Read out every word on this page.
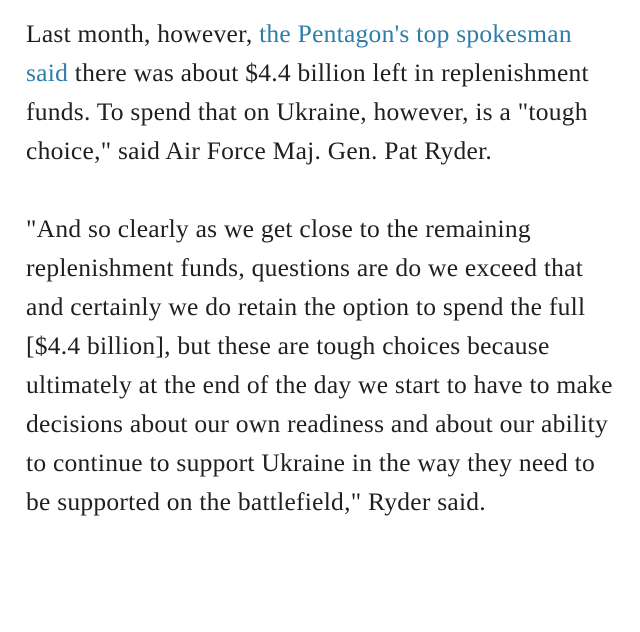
Last month, however, the Pentagon's top spokesman said there was about $4.4 billion left in replenishment funds. To spend that on Ukraine, however, is a "tough choice," said Air Force Maj. Gen. Pat Ryder.

"And so clearly as we get close to the remaining replenishment funds, questions are do we exceed that and certainly we do retain the option to spend the full [$4.4 billion], but these are tough choices because ultimately at the end of the day we start to have to make decisions about our own readiness and about our ability to continue to support Ukraine in the way they need to be supported on the battlefield," Ryder said.
